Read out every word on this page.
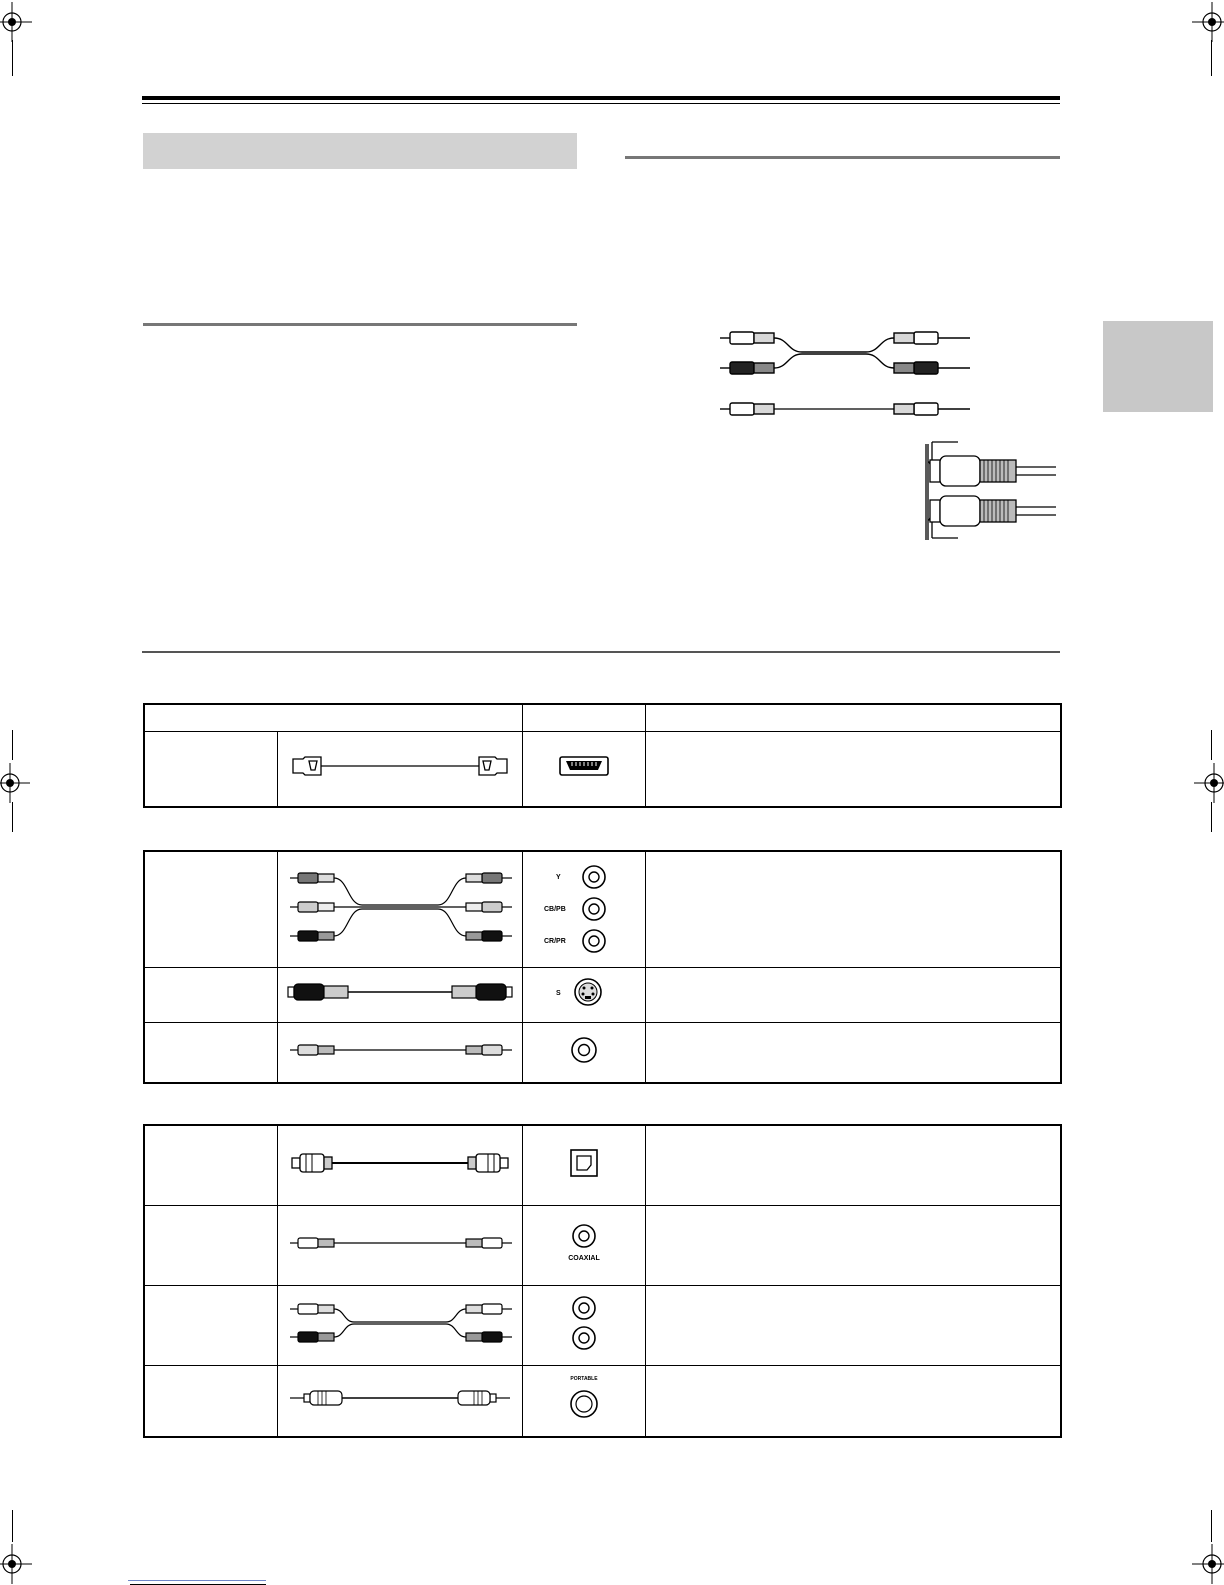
Y
CB/PB
CR/PR	

S	

COAXIAL	

PORTABLE	
